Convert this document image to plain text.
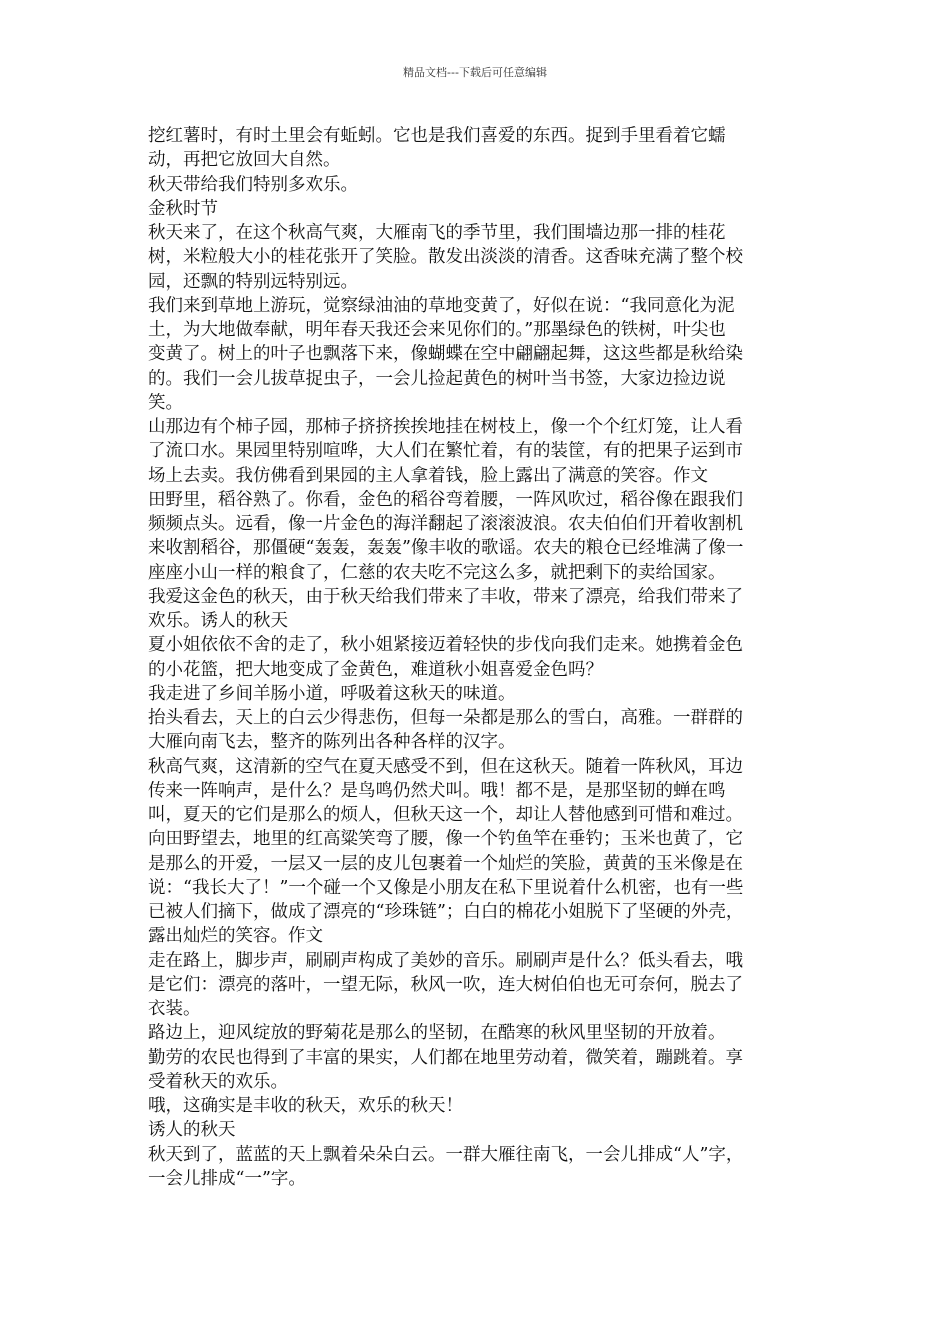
精品文档---下载后可任意编辑
挖红薯时，有时土里会有蚯蚓。它也是我们喜爱的东西。捉到手里看着它蠕
动，再把它放回大自然。
秋天带给我们特别多欢乐。
金秋时节
秋天来了，在这个秋高气爽，大雁南飞的季节里，我们围墙边那一排的桂花
树，米粒般大小的桂花张开了笑脸。散发出淡淡的清香。这香味充满了整个校
园，还飘的特别远特别远。
我们来到草地上游玩，觉察绿油油的草地变黄了，好似在说：“我同意化为泥
土，为大地做奉献，明年春天我还会来见你们的。”那墨绿色的铁树，叶尖也
变黄了。树上的叶子也飘落下来，像蝴蝶在空中翩翩起舞，这这些都是秋给染
的。我们一会儿拔草捉虫子，一会儿捡起黄色的树叶当书签，大家边捡边说
笑。
山那边有个柿子园，那柿子挤挤挨挨地挂在树枝上，像一个个红灯笼，让人看
了流口水。果园里特别喧哗，大人们在繁忙着，有的装筐，有的把果子运到市
场上去卖。我仿佛看到果园的主人拿着钱，脸上露出了满意的笑容。作文
田野里，稻谷熟了。你看，金色的稻谷弯着腰，一阵风吹过，稻谷像在跟我们
频频点头。远看，像一片金色的海洋翻起了滚滚波浪。农夫伯伯们开着收割机
来收割稻谷，那僵硬“轰轰，轰轰”像丰收的歌谣。农夫的粮仓已经堆满了像一
座座小山一样的粮食了，仁慈的农夫吃不完这么多，就把剩下的卖给国家。
我爱这金色的秋天，由于秋天给我们带来了丰收，带来了漂亮，给我们带来了
欢乐。诱人的秋天
夏小姐依依不舍的走了，秋小姐紧接迈着轻快的步伐向我们走来。她携着金色
的小花篮，把大地变成了金黄色，难道秋小姐喜爱金色吗？
我走进了乡间羊肠小道，呼吸着这秋天的味道。
抬头看去，天上的白云少得悲伤，但每一朵都是那么的雪白，高雅。一群群的
大雁向南飞去，整齐的陈列出各种各样的汉字。
秋高气爽，这清新的空气在夏天感受不到，但在这秋天。随着一阵秋风，耳边
传来一阵响声，是什么？是鸟鸣仍然犬叫。哦！都不是，是那坚韧的蝉在鸣
叫，夏天的它们是那么的烦人，但秋天这一个，却让人替他感到可惜和难过。
向田野望去，地里的红高粱笑弯了腰，像一个钓鱼竿在垂钓；玉米也黄了，它
是那么的开爱，一层又一层的皮儿包裹着一个灿烂的笑脸，黄黄的玉米像是在
说：“我长大了！”一个碰一个又像是小朋友在私下里说着什么机密，也有一些
已被人们摘下，做成了漂亮的“珍珠链”；白白的棉花小姐脱下了坚硬的外壳，
露出灿烂的笑容。作文
走在路上，脚步声，刷刷声构成了美妙的音乐。刷刷声是什么？低头看去，哦
是它们：漂亮的落叶，一望无际，秋风一吹，连大树伯伯也无可奈何，脱去了
衣装。
路边上，迎风绽放的野菊花是那么的坚韧，在酷寒的秋风里坚韧的开放着。
勤劳的农民也得到了丰富的果实，人们都在地里劳动着，微笑着，蹦跳着。享
受着秋天的欢乐。
哦，这确实是丰收的秋天，欢乐的秋天！
诱人的秋天
秋天到了，蓝蓝的天上飘着朵朵白云。一群大雁往南飞，一会儿排成“人”字，
一会儿排成“一”字。
